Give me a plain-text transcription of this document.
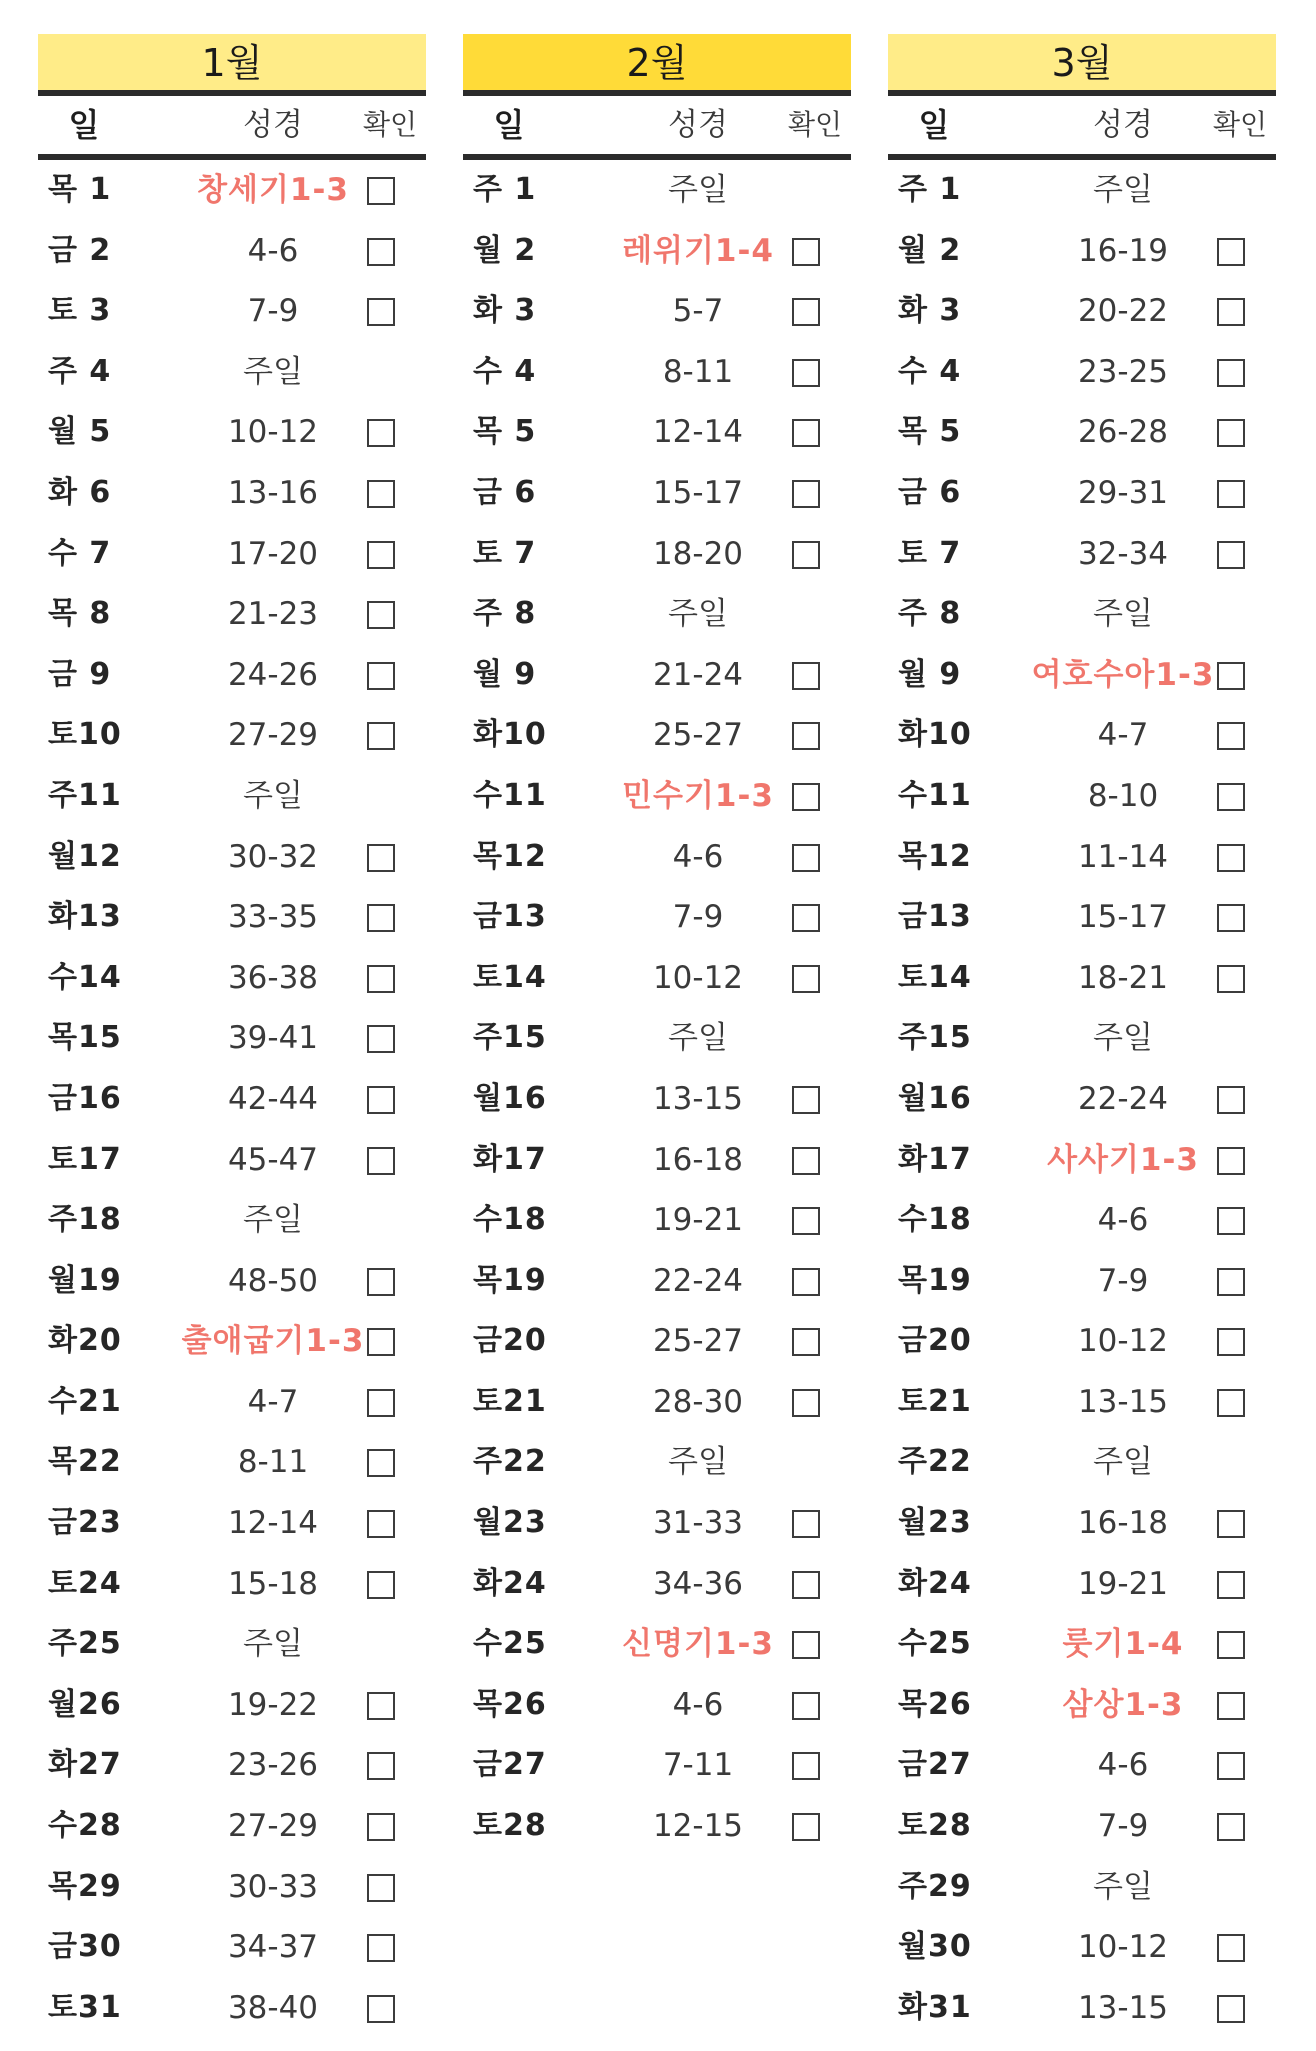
1월
일	성경	확인
목 1	창세기1-3
금 2	4-6
토 3	7-9
주 4	주일
월 5	10-12
화 6	13-16
수 7	17-20
목 8	21-23
금 9	24-26
토10	27-29
주11	주일
월12	30-32
화13	33-35
수14	36-38
목15	39-41
금16	42-44
토17	45-47
주18	주일
월19	48-50
화20	출애굽기1-3
수21	4-7
목22	8-11
금23	12-14
토24	15-18
주25	주일
월26	19-22
화27	23-26
수28	27-29
목29	30-33
금30	34-37
토31	38-40
2월
일	성경	확인
주 1	주일
월 2	레위기1-4
화 3	5-7
수 4	8-11
목 5	12-14
금 6	15-17
토 7	18-20
주 8	주일
월 9	21-24
화10	25-27
수11	민수기1-3
목12	4-6
금13	7-9
토14	10-12
주15	주일
월16	13-15
화17	16-18
수18	19-21
목19	22-24
금20	25-27
토21	28-30
주22	주일
월23	31-33
화24	34-36
수25	신명기1-3
목26	4-6
금27	7-11
토28	12-15
3월
일	성경	확인
주 1	주일
월 2	16-19
화 3	20-22
수 4	23-25
목 5	26-28
금 6	29-31
토 7	32-34
주 8	주일
월 9	여호수아1-3
화10	4-7
수11	8-10
목12	11-14
금13	15-17
토14	18-21
주15	주일
월16	22-24
화17	사사기1-3
수18	4-6
목19	7-9
금20	10-12
토21	13-15
주22	주일
월23	16-18
화24	19-21
수25	룻기1-4
목26	삼상1-3
금27	4-6
토28	7-9
주29	주일
월30	10-12
화31	13-15
